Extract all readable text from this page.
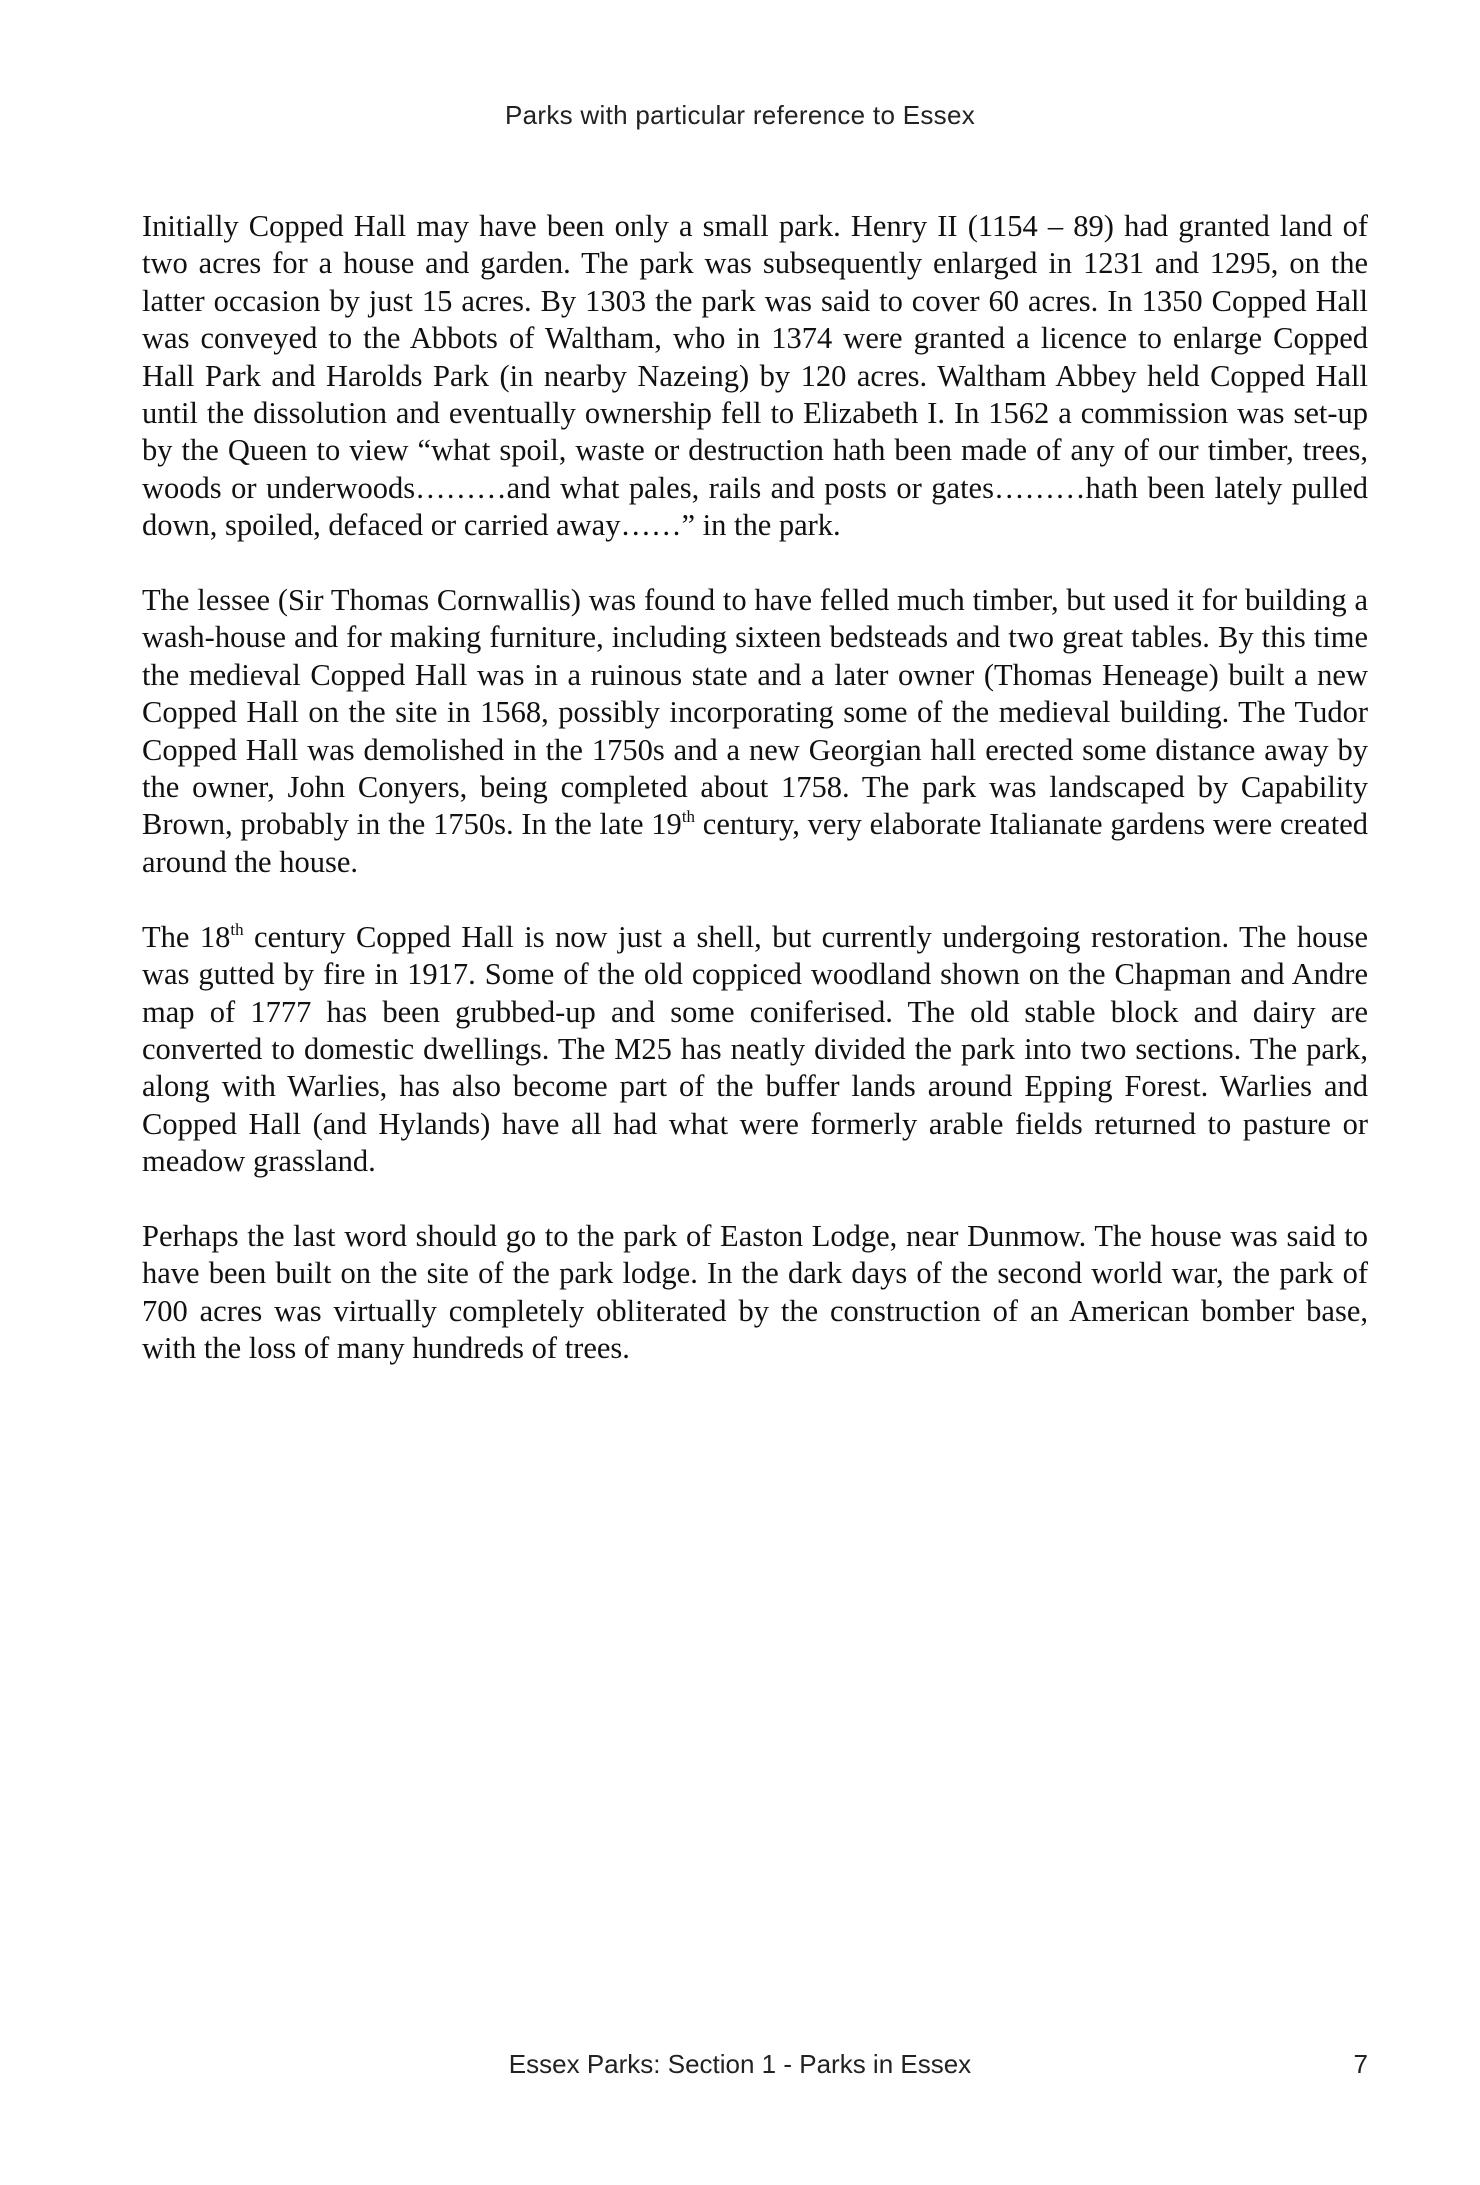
Parks with particular reference to Essex

Initially Copped Hall may have been only a small park. Henry II (1154 – 89) had granted land of two acres for a house and garden. The park was subsequently enlarged in 1231 and 1295, on the latter occasion by just 15 acres. By 1303 the park was said to cover 60 acres. In 1350 Copped Hall was conveyed to the Abbots of Waltham, who in 1374 were granted a licence to enlarge Copped Hall Park and Harolds Park (in nearby Nazeing) by 120 acres. Waltham Abbey held Copped Hall until the dissolution and eventually ownership fell to Elizabeth I. In 1562 a commission was set-up by the Queen to view “what spoil, waste or destruction hath been made of any of our timber, trees, woods or underwoods………and what pales, rails and posts or gates………hath been lately pulled down, spoiled, defaced or carried away……” in the park.

The lessee (Sir Thomas Cornwallis) was found to have felled much timber, but used it for building a wash-house and for making furniture, including sixteen bedsteads and two great tables. By this time the medieval Copped Hall was in a ruinous state and a later owner (Thomas Heneage) built a new Copped Hall on the site in 1568, possibly incorporating some of the medieval building. The Tudor Copped Hall was demolished in the 1750s and a new Georgian hall erected some distance away by the owner, John Conyers, being completed about 1758. The park was landscaped by Capability Brown, probably in the 1750s. In the late 19th century, very elaborate Italianate gardens were created around the house.

The 18th century Copped Hall is now just a shell, but currently undergoing restoration. The house was gutted by fire in 1917. Some of the old coppiced woodland shown on the Chapman and Andre map of 1777 has been grubbed-up and some coniferised. The old stable block and dairy are converted to domestic dwellings. The M25 has neatly divided the park into two sections. The park, along with Warlies, has also become part of the buffer lands around Epping Forest. Warlies and Copped Hall (and Hylands) have all had what were formerly arable fields returned to pasture or meadow grassland.

Perhaps the last word should go to the park of Easton Lodge, near Dunmow. The house was said to have been built on the site of the park lodge. In the dark days of the second world war, the park of 700 acres was virtually completely obliterated by the construction of an American bomber base, with the loss of many hundreds of trees.

Essex Parks: Section 1 - Parks in Essex	7
